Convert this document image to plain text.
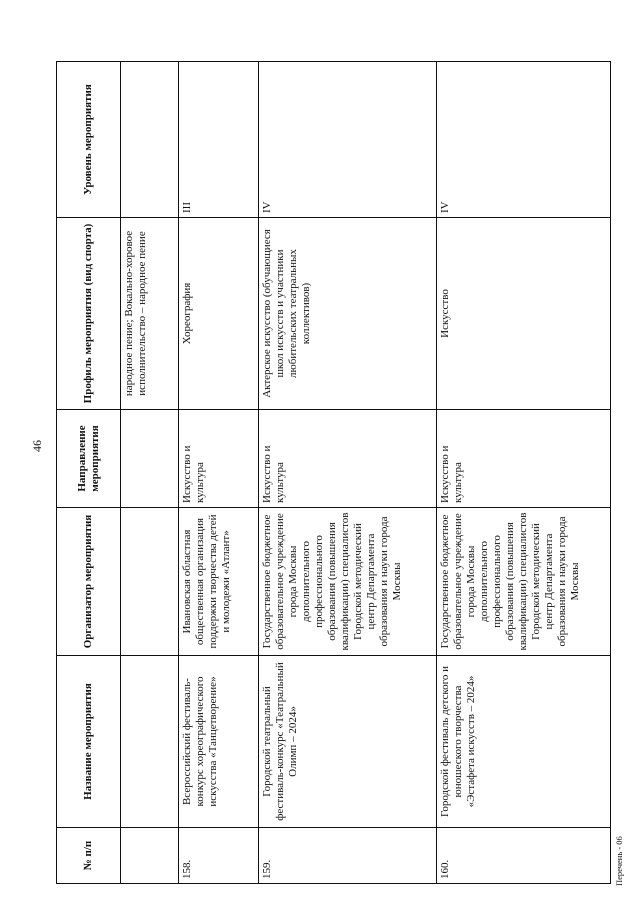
46
Перечень - 06
№ п/п	Название мероприятия	Организатор мероприятия	Направление мероприятия	Профиль мероприятия (вид спорта)	Уровень мероприятия
				народное пение; Вокально-хоровое исполнительство – народное пение	
158.	Всероссийский фестиваль-конкурс хореографического искусства «Танцетворение»	Ивановская областная общественная организация поддержки творчества детей и молодежи «Атлант»	Искусство и культура	Хореография	III
159.	Городской театральный фестиваль-конкурс «Театральный Олимп – 2024»	Государственное бюджетное образовательное учреждение города Москвы дополнительного профессионального образования (повышения квалификации) специалистов Городской методический центр Департамента образования и науки города Москвы	Искусство и культура	Актерское искусство (обучающиеся школ искусств и участники любительских театральных коллективов)	IV
160.	Городской фестиваль детского и юношеского творчества «Эстафета искусств – 2024»	Государственное бюджетное образовательное учреждение города Москвы дополнительного профессионального образования (повышения квалификации) специалистов Городской методический центр Департамента образования и науки города Москвы	Искусство и культура	Искусство	IV
